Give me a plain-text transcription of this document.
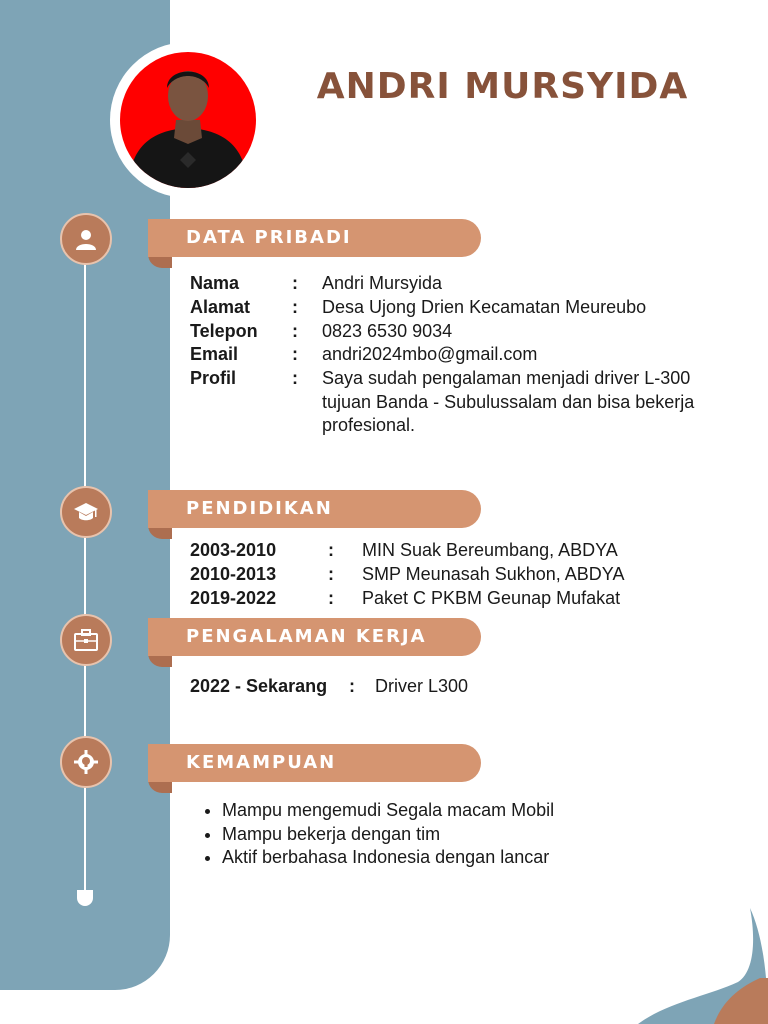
ANDRI MURSYIDA
DATA PRIBADI
PENDIDIKAN
PENGALAMAN KERJA
KEMAMPUAN
Nama	: Andri Mursyida
Alamat : Desa Ujong Drien Kecamatan Meureubo
Telepon : 0823 6530 9034
Email	: andri2024mbo@gmail.com
Profil	: Saya sudah pengalaman menjadi driver L-300 tujuan Banda - Subulussalam dan bisa bekerja profesional.
2003-2010	: MIN Suak Bereumbang, ABDYA
2010-2013	: SMP Meunasah Sukhon, ABDYA
2019-2022	: Paket C PKBM Geunap Mufakat
2022 - Sekarang : Driver L300
• Mampu mengemudi Segala macam Mobil
• Mampu bekerja dengan tim
• Aktif berbahasa Indonesia dengan lancar
